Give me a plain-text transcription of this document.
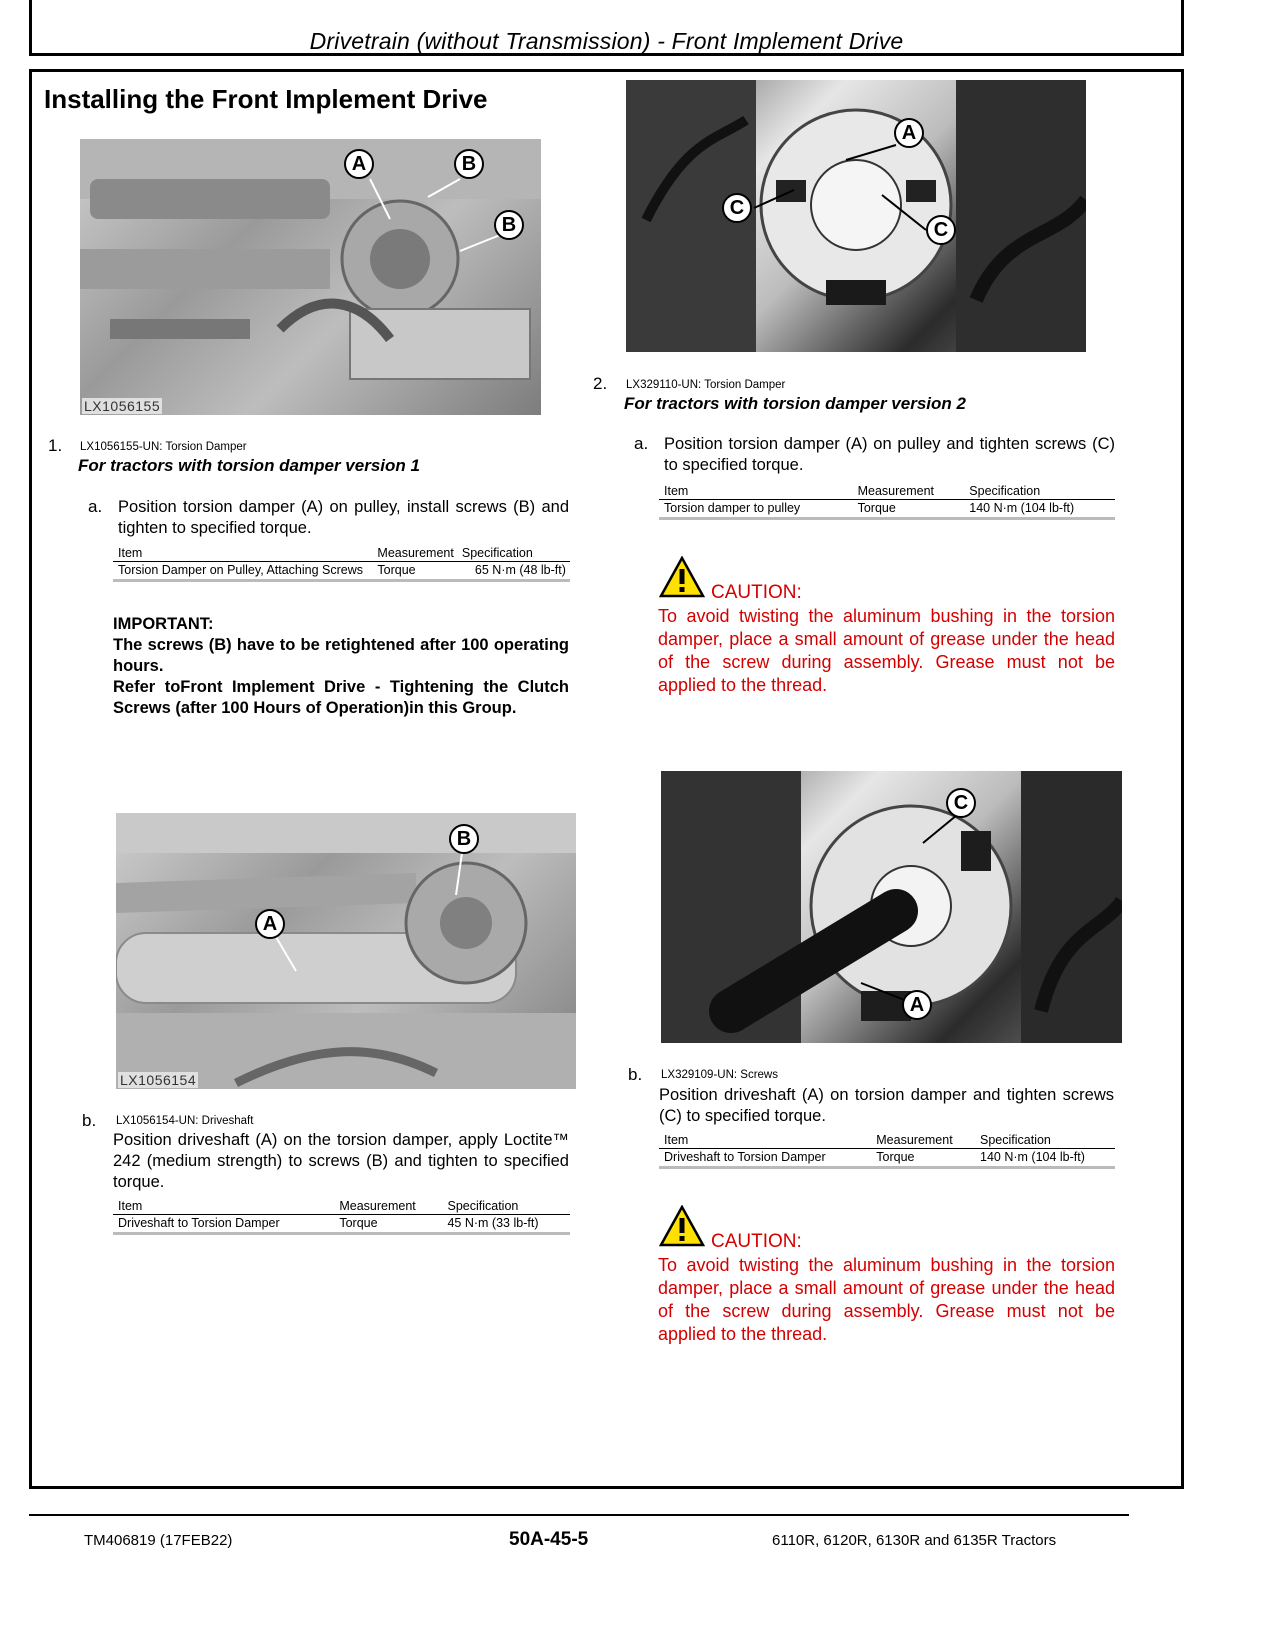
Drivetrain (without Transmission) - Front Implement Drive
Installing the Front Implement Drive
A	B
B
LX1056155
1. LX1056155-UN: Torsion Damper
For tractors with torsion damper version 1
a. Position torsion damper (A) on pulley, install screws (B) and tighten to specified torque.
Item	Measurement	Specification
Torsion Damper on Pulley, Attaching Screws	Torque	65 N·m (48 lb-ft)
IMPORTANT:
The screws (B) have to be retightened after 100 operating hours.
Refer toFront Implement Drive - Tightening the Clutch Screws (after 100 Hours of Operation)in this Group.
B
A
LX1056154
b. LX1056154-UN: Driveshaft
Position driveshaft (A) on the torsion damper, apply Loctite™ 242 (medium strength) to screws (B) and tighten to specified torque.
Item	Measurement	Specification
Driveshaft to Torsion Damper	Torque	45 N·m (33 lb-ft)
A
C
C
2. LX329110-UN: Torsion Damper
For tractors with torsion damper version 2
a. Position torsion damper (A) on pulley and tighten screws (C) to specified torque.
Item	Measurement	Specification
Torsion damper to pulley	Torque	140 N·m (104 lb-ft)
CAUTION:
To avoid twisting the aluminum bushing in the torsion damper, place a small amount of grease under the head of the screw during assembly. Grease must not be applied to the thread.
C
A
b. LX329109-UN: Screws
Position driveshaft (A) on torsion damper and tighten screws (C) to specified torque.
Item	Measurement	Specification
Driveshaft to Torsion Damper	Torque	140 N·m (104 lb-ft)
CAUTION:
To avoid twisting the aluminum bushing in the torsion damper, place a small amount of grease under the head of the screw during assembly. Grease must not be applied to the thread.
TM406819 (17FEB22)	50A-45-5	6110R, 6120R, 6130R and 6135R Tractors
